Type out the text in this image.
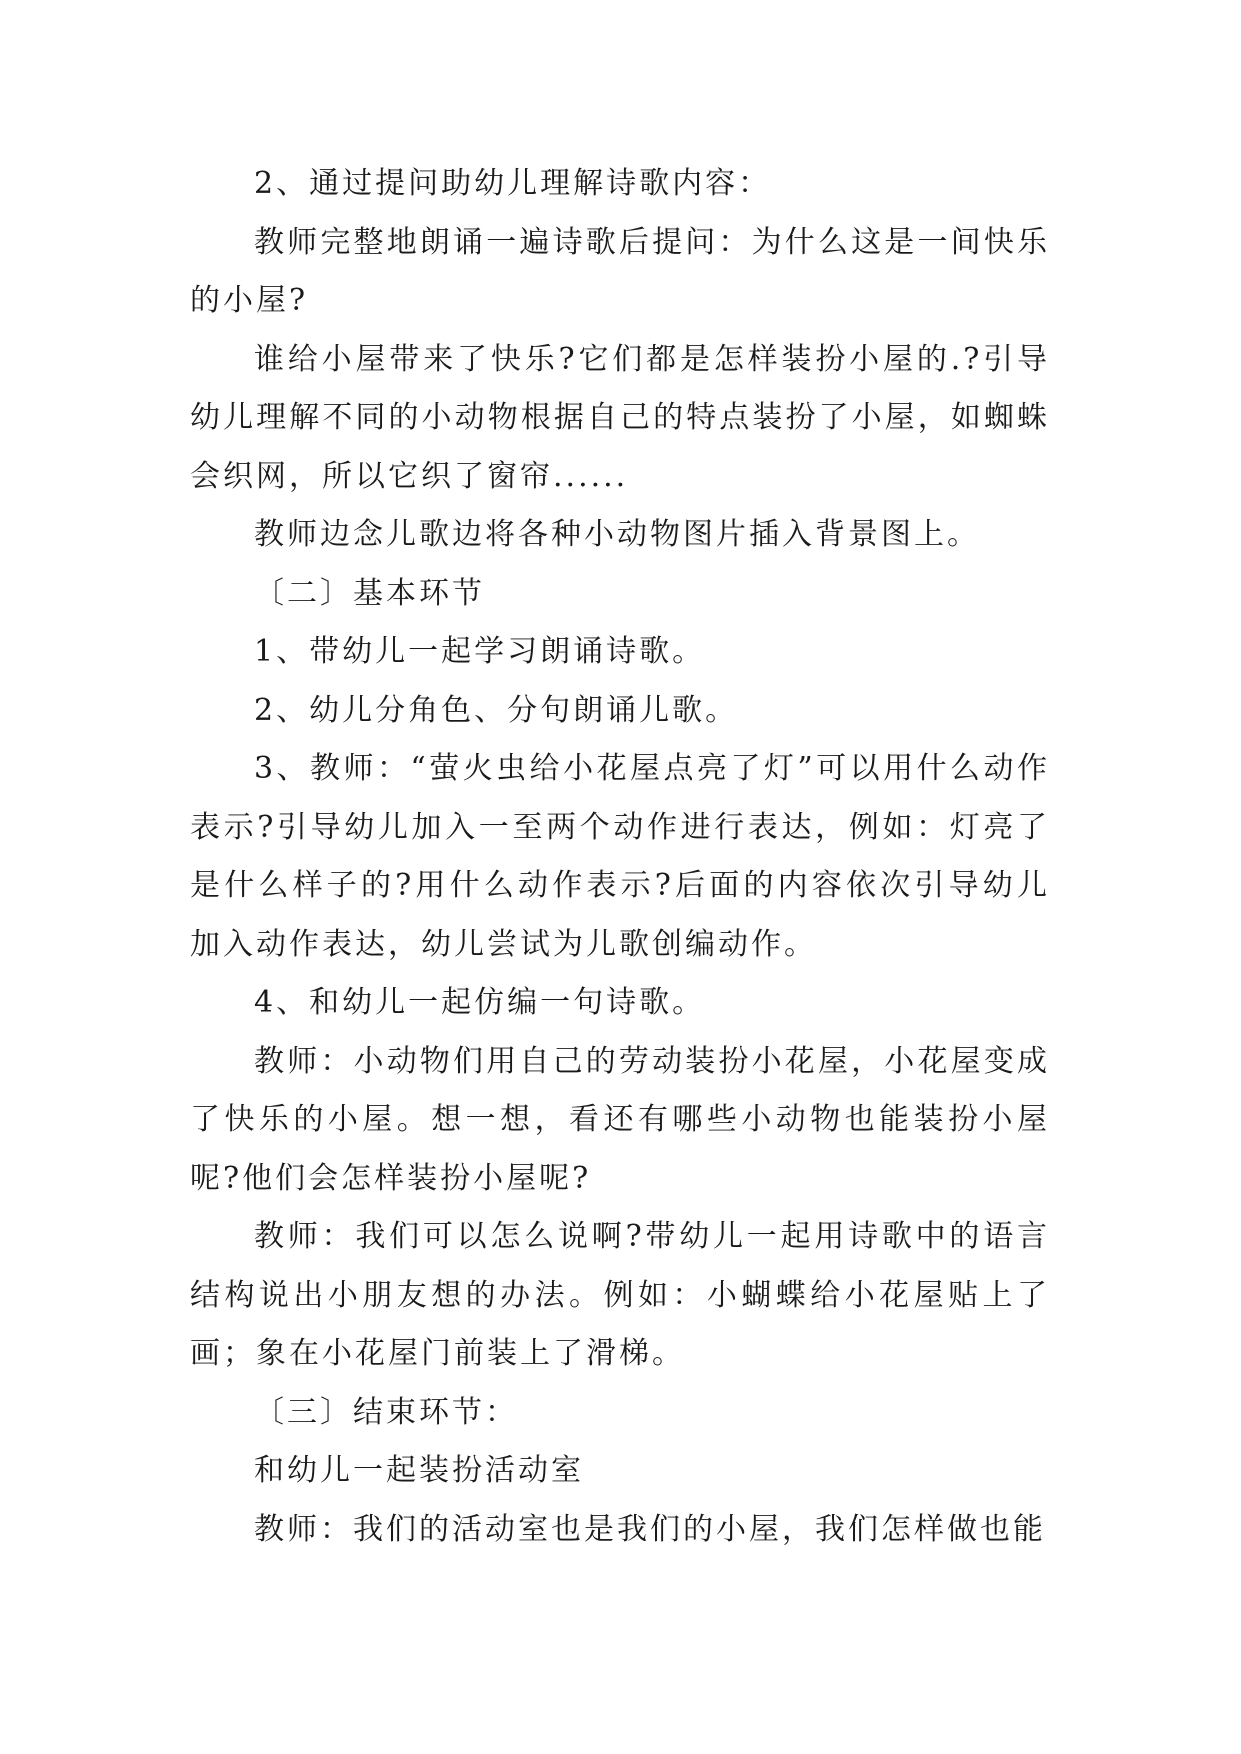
2、通过提问助幼儿理解诗歌内容：

教师完整地朗诵一遍诗歌后提问：为什么这是一间快乐的小屋?

谁给小屋带来了快乐?它们都是怎样装扮小屋的.?引导幼儿理解不同的小动物根据自己的特点装扮了小屋，如蜘蛛会织网，所以它织了窗帘......

教师边念儿歌边将各种小动物图片插入背景图上。

〔二〕基本环节

1、带幼儿一起学习朗诵诗歌。

2、幼儿分角色、分句朗诵儿歌。

3、教师：“萤火虫给小花屋点亮了灯”可以用什么动作表示?引导幼儿加入一至两个动作进行表达，例如：灯亮了是什么样子的?用什么动作表示?后面的内容依次引导幼儿加入动作表达，幼儿尝试为儿歌创编动作。

4、和幼儿一起仿编一句诗歌。

教师：小动物们用自己的劳动装扮小花屋，小花屋变成了快乐的小屋。想一想，看还有哪些小动物也能装扮小屋呢?他们会怎样装扮小屋呢?

教师：我们可以怎么说啊?带幼儿一起用诗歌中的语言结构说出小朋友想的办法。例如：小蝴蝶给小花屋贴上了画；象在小花屋门前装上了滑梯。

〔三〕结束环节：

和幼儿一起装扮活动室

教师：我们的活动室也是我们的小屋，我们怎样做也能
